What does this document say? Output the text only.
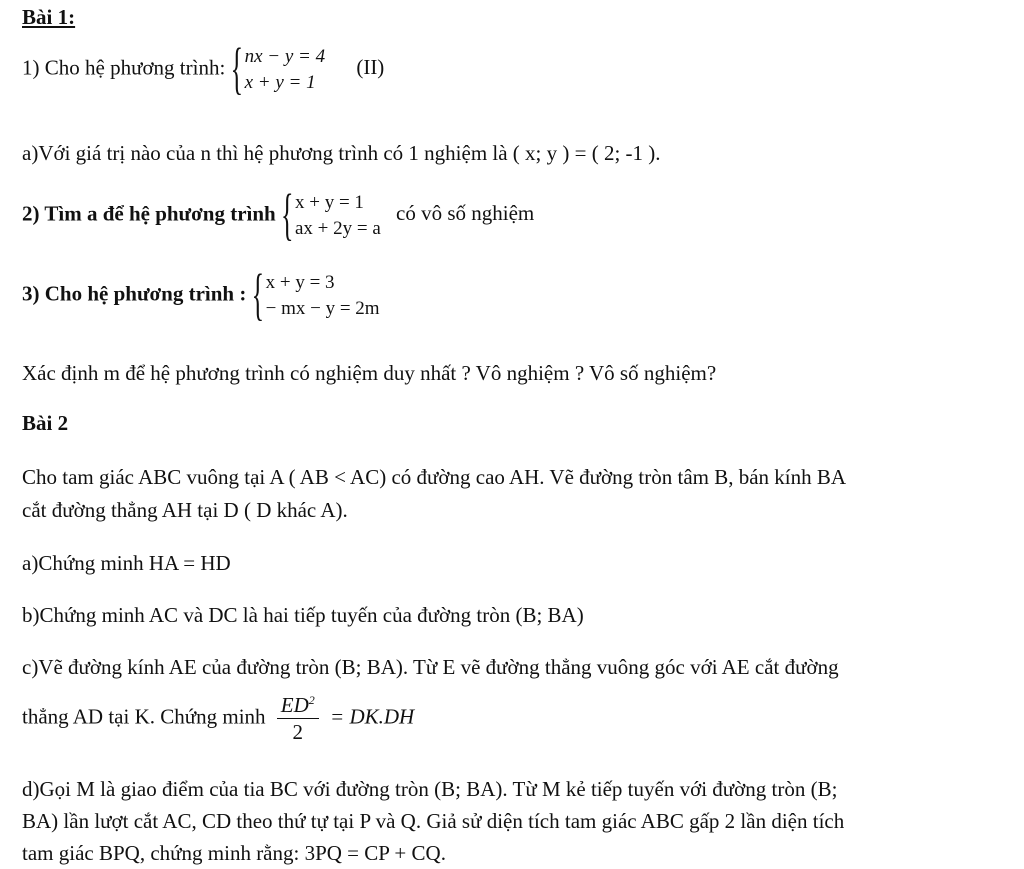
Bài 1:
1) Cho hệ phương trình: { nx − y = 4
x + y = 1
(II)
a)Với giá trị nào của n thì hệ phương trình có 1 nghiệm là ( x; y ) = ( 2; -1 ).
2) Tìm a để hệ phương trình { x + y = 1
ax + 2y = a
có vô số nghiệm
3) Cho hệ phương trình : { x + y = 3
− mx − y = 2m
Xác định m để hệ phương trình có nghiệm duy nhất ? Vô nghiệm ? Vô số nghiệm?
Bài 2
Cho tam giác ABC vuông tại A ( AB < AC) có đường cao AH. Vẽ đường tròn tâm B, bán kính BA
cắt đường thẳng AH tại D ( D khác A).
a)Chứng minh HA = HD
b)Chứng minh AC và DC là hai tiếp tuyến của đường tròn (B; BA)
c)Vẽ đường kính AE của đường tròn (B; BA). Từ E vẽ đường thẳng vuông góc với AE cắt đường
thẳng AD tại K. Chứng minh $\frac{ED^2}{2} = DK.DH$
d)Gọi M là giao điểm của tia BC với đường tròn (B; BA). Từ M kẻ tiếp tuyến với đường tròn (B;
BA) lần lượt cắt AC, CD theo thứ tự tại P và Q. Giả sử diện tích tam giác ABC gấp 2 lần diện tích
tam giác BPQ, chứng minh rằng: 3PQ = CP + CQ.
